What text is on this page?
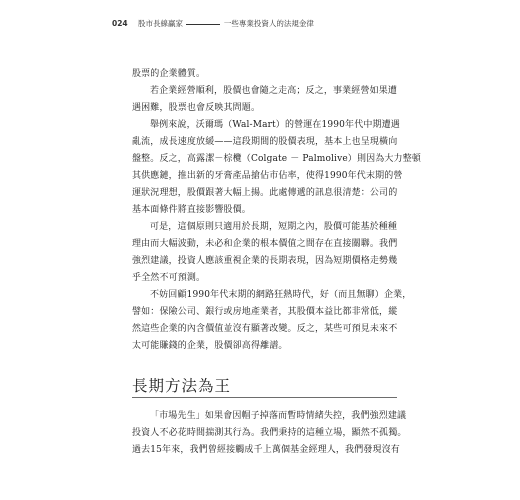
024 股市長線贏家	一些專業投資人的法規金律
股票的企業體質。
若企業經營順利，股價也會隨之走高；反之，事業經營如果遭
遇困難，股票也會反映其問題。
舉例來說，沃爾瑪（Wal-Mart）的營運在1990年代中期遭遇
亂流，成長速度放緩——這段期間的股價表現，基本上也呈現橫向
盤整。反之，高露潔－棕欖（Colgate － Palmolive）則因為大力整頓
其供應鏈，推出新的牙膏產品搶佔市佔率，使得1990年代末期的營
運狀況理想，股價跟著大幅上揚。此處傳遞的訊息很清楚：公司的
基本面條件將直接影響股價。
可是，這個原則只適用於長期，短期之內，股價可能基於種種
理由而大幅波動，未必和企業的根本價值之間存在直接關聯。我們
強烈建議，投資人應該重視企業的長期表現，因為短期價格走勢幾
乎全然不可預測。
不妨回顧1990年代末期的網路狂熱時代，好（而且無聊）企業，
譬如：保險公司、銀行或房地產業者，其股價本益比都非常低，縱
然這些企業的內含價值並沒有顯著改變。反之，某些可預見未來不
太可能賺錢的企業，股價卻高得離譜。
長期方法為王
「市場先生」如果會因帽子掉落而暫時情緒失控，我們強烈建議
投資人不必花時間揣測其行為。我們秉持的這種立場，顯然不孤獨。
過去15年來，我們曾經接觸成千上萬個基金經理人，我們發現沒有
